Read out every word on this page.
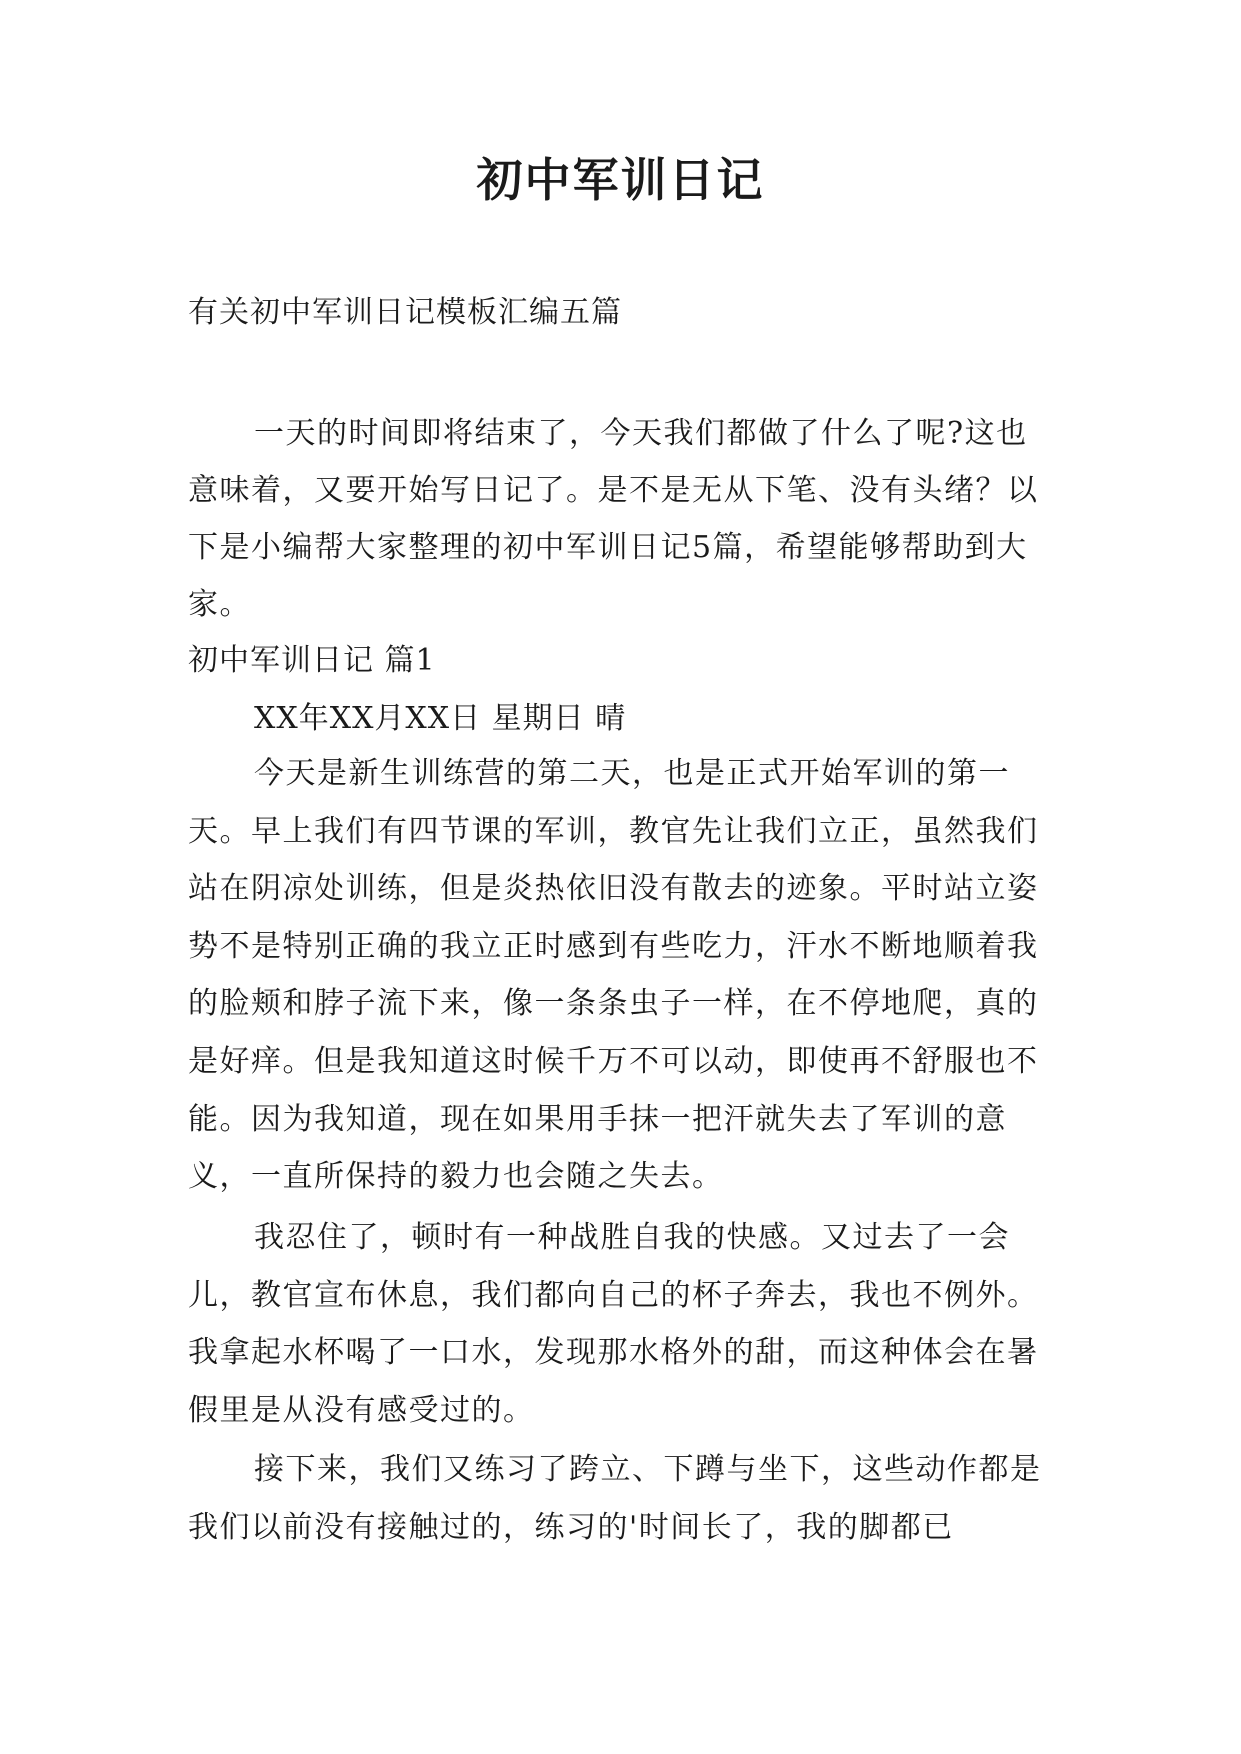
初中军训日记

有关初中军训日记模板汇编五篇

一天的时间即将结束了，今天我们都做了什么了呢?这也意味着，又要开始写日记了。是不是无从下笔、没有头绪？以下是小编帮大家整理的初中军训日记5篇，希望能够帮助到大家。

初中军训日记 篇1

XX年XX月XX日 星期日 晴

今天是新生训练营的第二天，也是正式开始军训的第一天。早上我们有四节课的军训，教官先让我们立正，虽然我们站在阴凉处训练，但是炎热依旧没有散去的迹象。平时站立姿势不是特别正确的我立正时感到有些吃力，汗水不断地顺着我的脸颊和脖子流下来，像一条条虫子一样，在不停地爬，真的是好痒。但是我知道这时候千万不可以动，即使再不舒服也不能。因为我知道，现在如果用手抹一把汗就失去了军训的意义，一直所保持的毅力也会随之失去。

我忍住了，顿时有一种战胜自我的快感。又过去了一会儿，教官宣布休息，我们都向自己的杯子奔去，我也不例外。我拿起水杯喝了一口水，发现那水格外的甜，而这种体会在暑假里是从没有感受过的。

接下来，我们又练习了跨立、下蹲与坐下，这些动作都是我们以前没有接触过的，练习的'时间长了，我的脚都已
